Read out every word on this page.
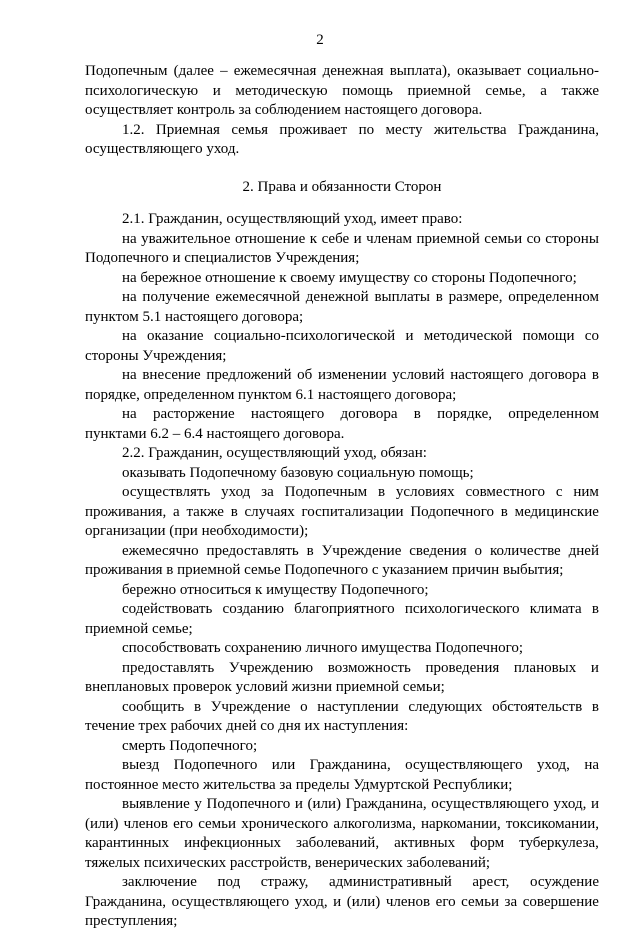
2
Подопечным (далее – ежемесячная денежная выплата), оказывает социально-
психологическую и методическую помощь приемной семье, а также
осуществляет контроль за соблюдением настоящего договора.
1.2. Приемная семья проживает по месту жительства Гражданина,
осуществляющего уход.
2. Права и обязанности Сторон
2.1. Гражданин, осуществляющий уход, имеет право:
на уважительное отношение к себе и членам приемной семьи со стороны
Подопечного и специалистов Учреждения;
на бережное отношение к своему имуществу со стороны Подопечного;
на получение ежемесячной денежной выплаты в размере, определенном
пунктом 5.1 настоящего договора;
на оказание социально-психологической и методической помощи со
стороны Учреждения;
на внесение предложений об изменении условий настоящего договора в
порядке, определенном пунктом 6.1 настоящего договора;
на расторжение настоящего договора в порядке, определенном
пунктами 6.2 – 6.4 настоящего договора.
2.2. Гражданин, осуществляющий уход, обязан:
оказывать Подопечному базовую социальную помощь;
осуществлять уход за Подопечным в условиях совместного с ним
проживания, а также в случаях госпитализации Подопечного в медицинские
организации (при необходимости);
ежемесячно предоставлять в Учреждение сведения о количестве дней
проживания в приемной семье Подопечного с указанием причин выбытия;
бережно относиться к имуществу Подопечного;
содействовать созданию благоприятного психологического климата в
приемной семье;
способствовать сохранению личного имущества Подопечного;
предоставлять Учреждению возможность проведения плановых и
внеплановых проверок условий жизни приемной семьи;
сообщить в Учреждение о наступлении следующих обстоятельств в
течение трех рабочих дней со дня их наступления:
смерть Подопечного;
выезд Подопечного или Гражданина, осуществляющего уход, на
постоянное место жительства за пределы Удмуртской Республики;
выявление у Подопечного и (или) Гражданина, осуществляющего уход, и
(или) членов его семьи хронического алкоголизма, наркомании, токсикомании,
карантинных инфекционных заболеваний, активных форм туберкулеза,
тяжелых психических расстройств, венерических заболеваний;
заключение под стражу, административный арест, осуждение
Гражданина, осуществляющего уход, и (или) членов его семьи за совершение
преступления;
